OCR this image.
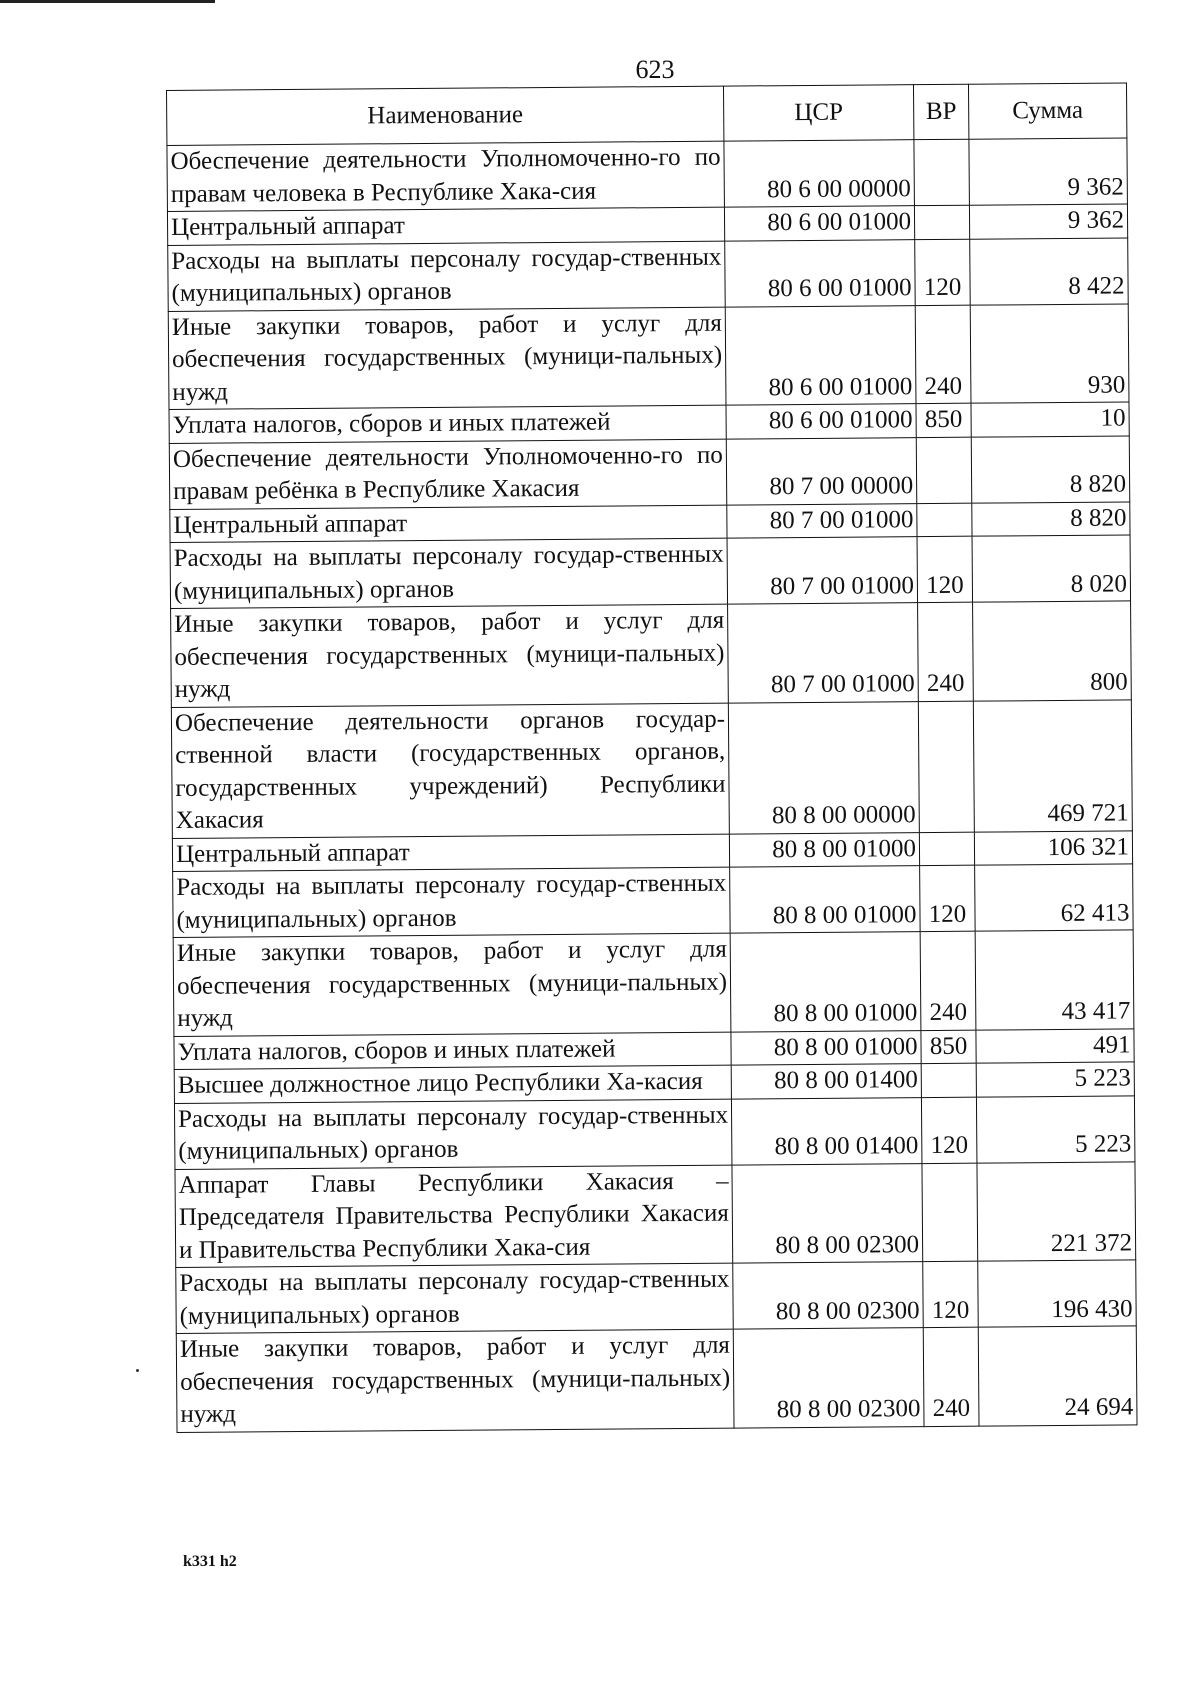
623
Наименование	ЦСР	ВР	Сумма
Обеспечение деятельности Уполномоченно-го по правам человека в Республике Хака-сия	80 6 00 00000		9 362
Центральный аппарат	80 6 00 01000		9 362
Расходы на выплаты персоналу государ-ственных (муниципальных) органов	80 6 00 01000	120	8 422
Иные закупки товаров, работ и услуг для обеспечения государственных (муници-пальных) нужд	80 6 00 01000	240	930
Уплата налогов, сборов и иных платежей	80 6 00 01000	850	10
Обеспечение деятельности Уполномоченно-го по правам ребёнка в Республике Хакасия	80 7 00 00000		8 820
Центральный аппарат	80 7 00 01000		8 820
Расходы на выплаты персоналу государ-ственных (муниципальных) органов	80 7 00 01000	120	8 020
Иные закупки товаров, работ и услуг для обеспечения государственных (муници-пальных) нужд	80 7 00 01000	240	800
Обеспечение деятельности органов государ-ственной власти (государственных органов, государственных учреждений) Республики Хакасия	80 8 00 00000		469 721
Центральный аппарат	80 8 00 01000		106 321
Расходы на выплаты персоналу государ-ственных (муниципальных) органов	80 8 00 01000	120	62 413
Иные закупки товаров, работ и услуг для обеспечения государственных (муници-пальных) нужд	80 8 00 01000	240	43 417
Уплата налогов, сборов и иных платежей	80 8 00 01000	850	491
Высшее должностное лицо Республики Ха-касия	80 8 00 01400		5 223
Расходы на выплаты персоналу государ-ственных (муниципальных) органов	80 8 00 01400	120	5 223
Аппарат Главы Республики Хакасия – Председателя Правительства Республики Хакасия и Правительства Республики Хака-сия	80 8 00 02300		221 372
Расходы на выплаты персоналу государ-ственных (муниципальных) органов	80 8 00 02300	120	196 430
Иные закупки товаров, работ и услуг для обеспечения государственных (муници-пальных) нужд	80 8 00 02300	240	24 694
k331 h2
